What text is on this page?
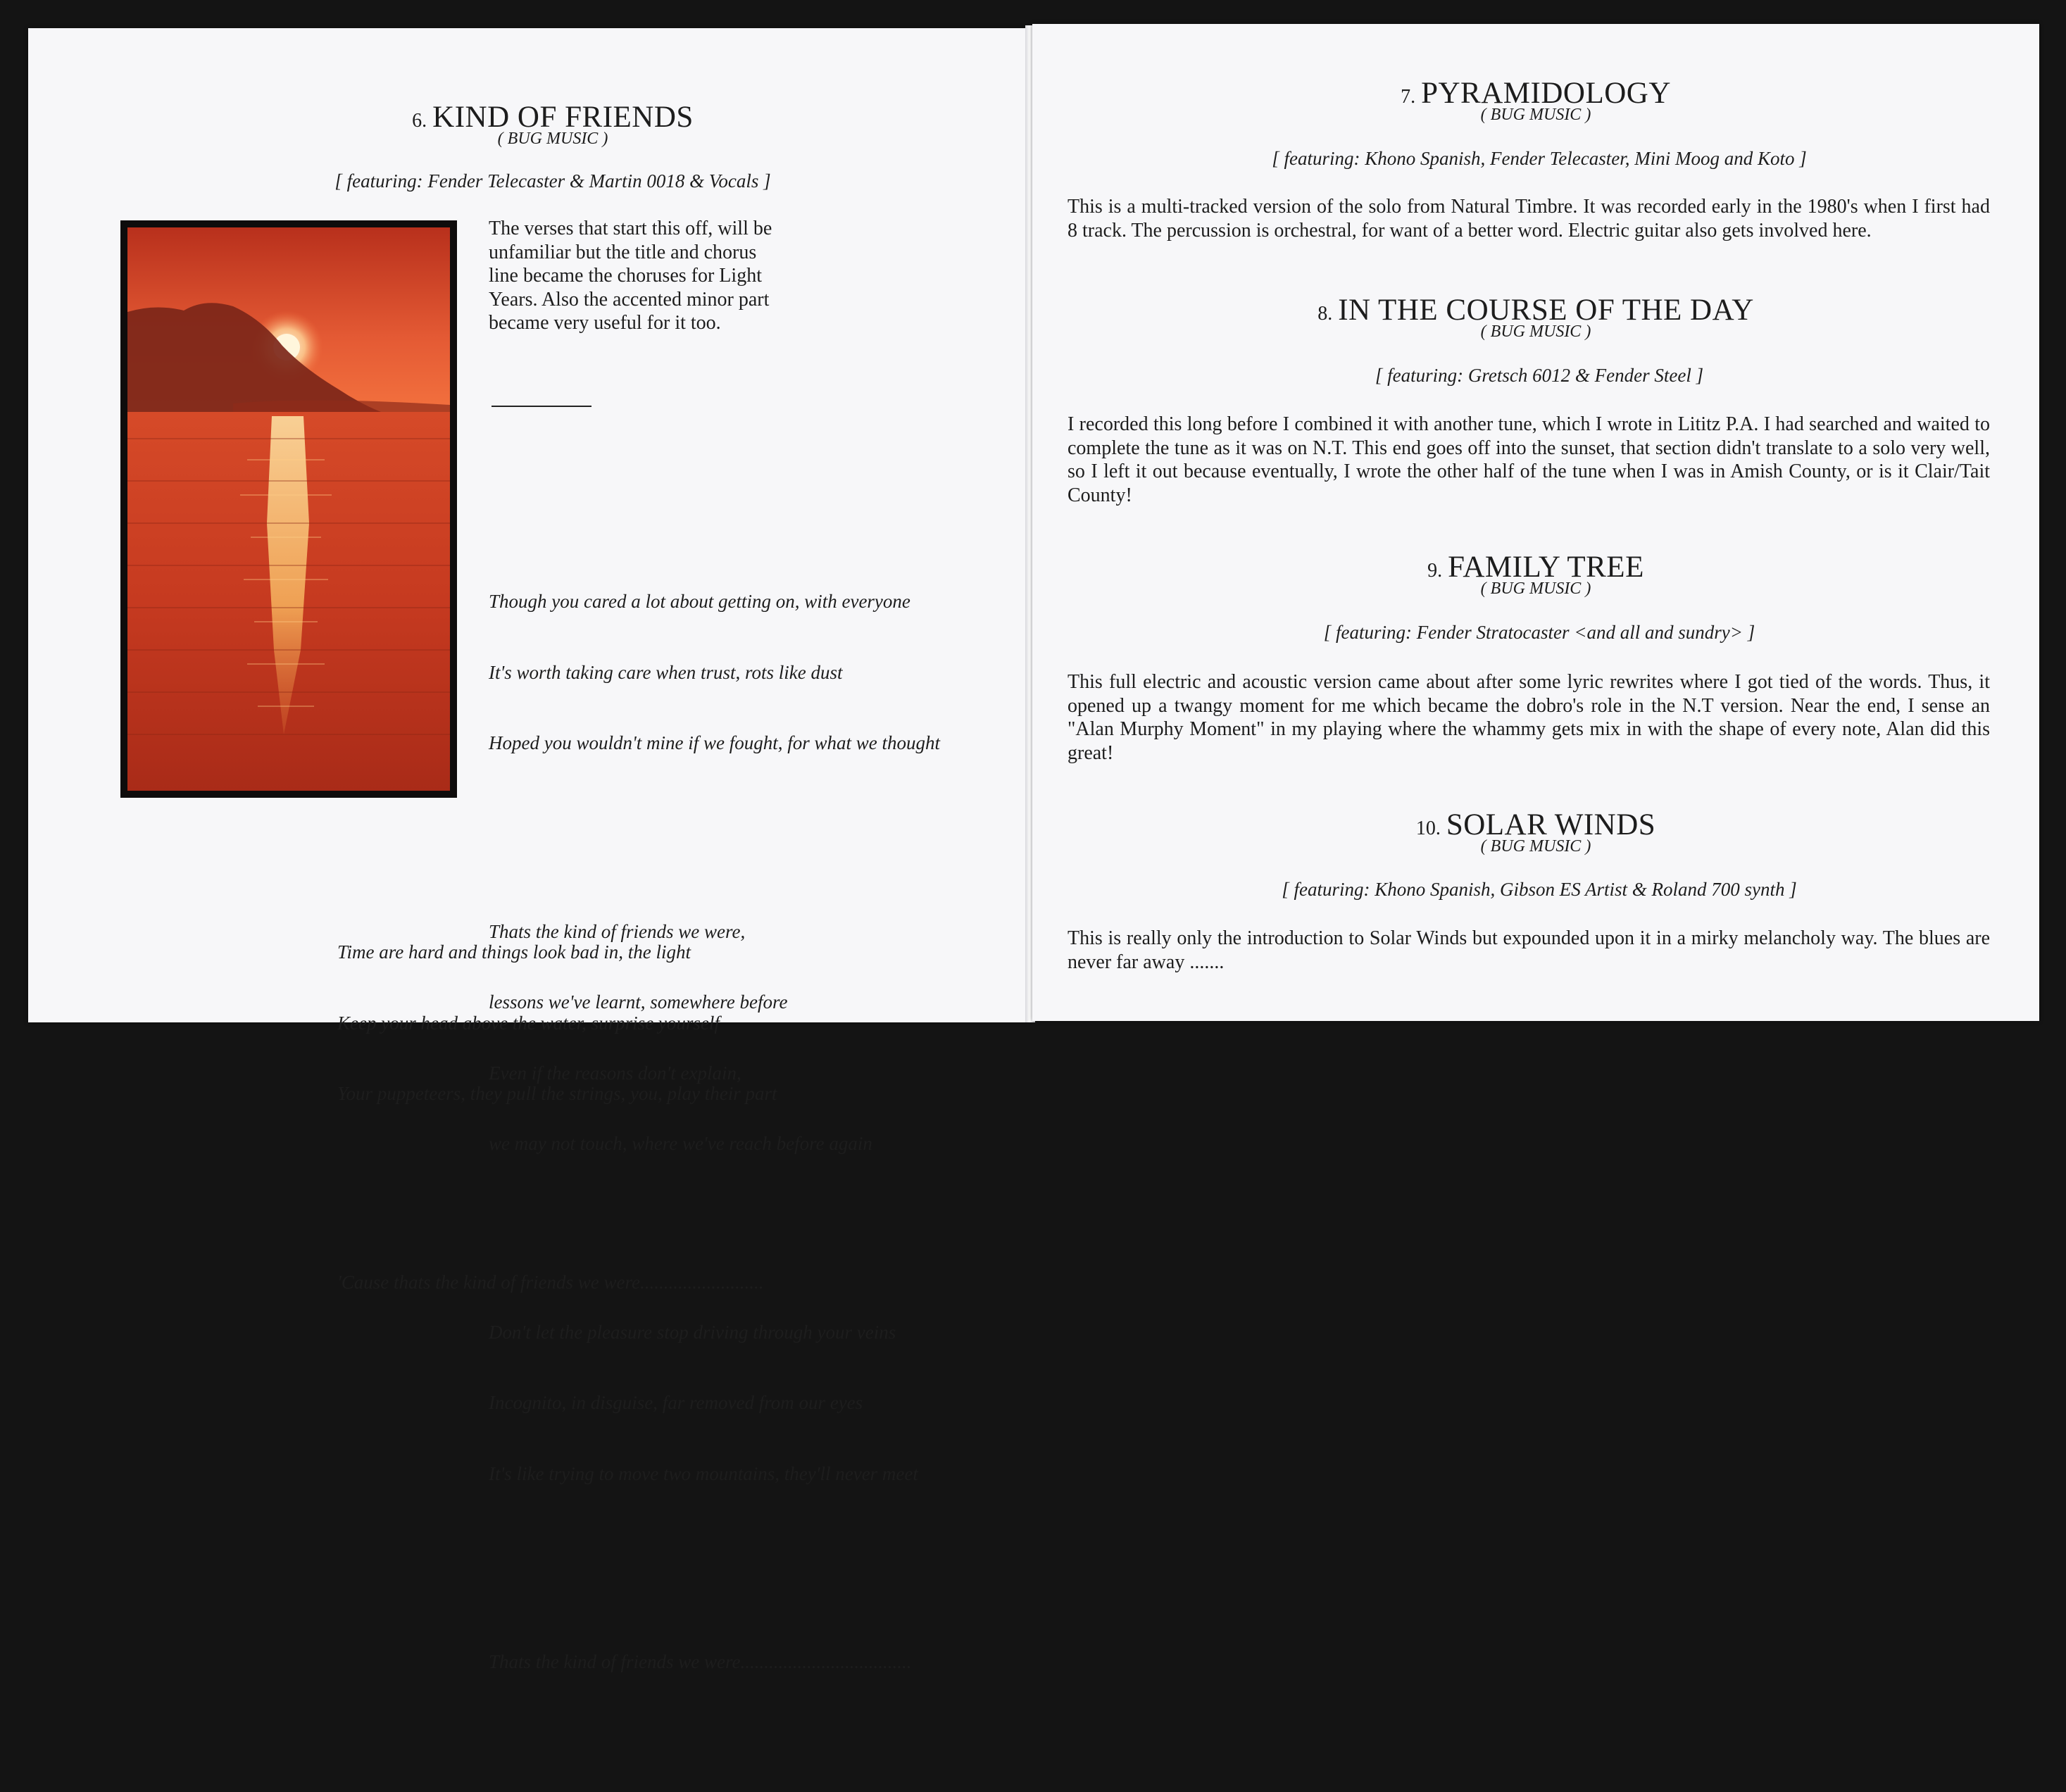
6. KIND OF FRIENDS
( BUG MUSIC )
[ featuring: Fender Telecaster & Martin 0018 & Vocals ]
The verses that start this off, will be
unfamiliar but the title and chorus
line became the choruses for Light
Years. Also the accented minor part
became very useful for it too.

Though you cared a lot about getting on, with everyone

It's worth taking care when trust, rots like dust

Hoped you wouldn't mine if we fought, for what we thought

Thats the kind of friends we were,

lessons we've learnt, somewhere before

Even if the reasons don't explain,

we may not touch, where we've reach before again

Don't let the pleasure stop driving through your veins

Incognito, in disguise, far removed from our eyes

It's like trying to move two mountains, they'll never meet

Thats the kind of friends we were....................................

Time are hard and things look bad in, the light

Keep your head above the water, surprise yourself

Your puppeteers, they pull the strings, you, play their part

'Cause thats the kind of friends we were..........................

7. PYRAMIDOLOGY
( BUG MUSIC )
[ featuring: Khono Spanish, Fender Telecaster, Mini Moog and Koto ]
This is a multi-tracked version of the solo from Natural Timbre. It was recorded early in the 1980's when I first had 8 track. The percussion is orchestral, for want of a better word. Electric guitar also gets involved here.
8. IN THE COURSE OF THE DAY
( BUG MUSIC )
[ featuring: Gretsch 6012 & Fender Steel ]
I recorded this long before I combined it with another tune, which I wrote in Lititz P.A. I had searched and waited to complete the tune as it was on N.T. This end goes off into the sunset, that section didn't translate to a solo very well, so I left it out because eventually, I wrote the other half of the tune when I was in Amish County, or is it Clair/Tait County!
9. FAMILY TREE
( BUG MUSIC )
[ featuring: Fender Stratocaster <and all and sundry> ]
This full electric and acoustic version came about after some lyric rewrites where I got tied of the words. Thus, it opened up a twangy moment for me which became the dobro's role in the N.T version. Near the end, I sense an "Alan Murphy Moment" in my playing where the whammy gets mix in with the shape of every note, Alan did this great!
10. SOLAR WINDS
( BUG MUSIC )
[ featuring: Khono Spanish, Gibson ES Artist & Roland 700 synth ]
This is really only the introduction to Solar Winds but expounded upon it in a mirky melancholy way. The blues are never far away .......
